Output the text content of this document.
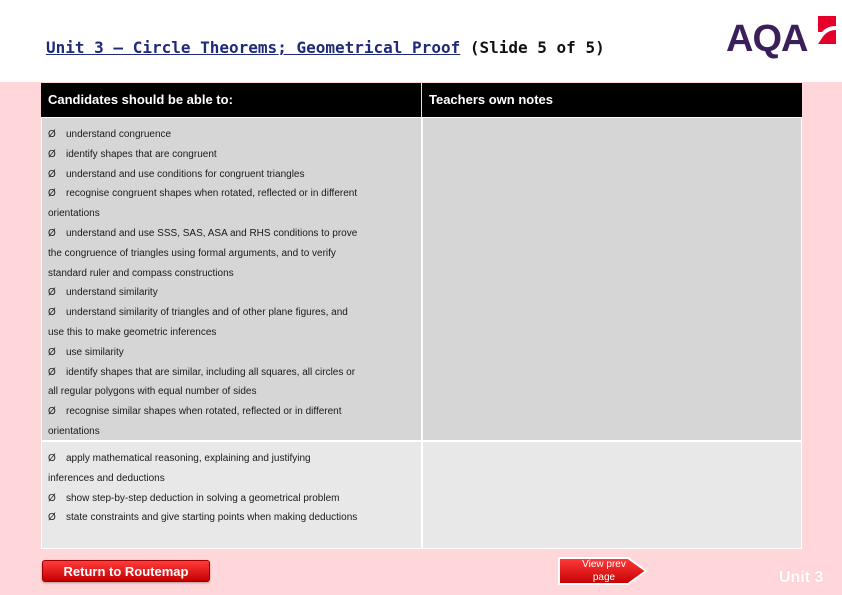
Unit 3 – Circle Theorems; Geometrical Proof (Slide 5 of 5)	AQA
Candidates should be able to:	Teachers own notes
Ø understand congruence
Ø identify shapes that are congruent
Ø understand and use conditions for congruent triangles
Ø recognise congruent shapes when rotated, reflected or in different
orientations
Ø understand and use SSS, SAS, ASA and RHS conditions to prove
the congruence of triangles using formal arguments, and to verify
standard ruler and compass constructions
Ø understand similarity
Ø understand similarity of triangles and of other plane figures, and
use this to make geometric inferences
Ø use similarity
Ø identify shapes that are similar, including all squares, all circles or
all regular polygons with equal number of sides
Ø recognise similar shapes when rotated, reflected or in different
orientations
Ø apply mathematical reasoning, explaining and justifying
inferences and deductions
Ø show step-by-step deduction in solving a geometrical problem
Ø state constraints and give starting points when making deductions
Return to Routemap	View prev page	Unit 3
